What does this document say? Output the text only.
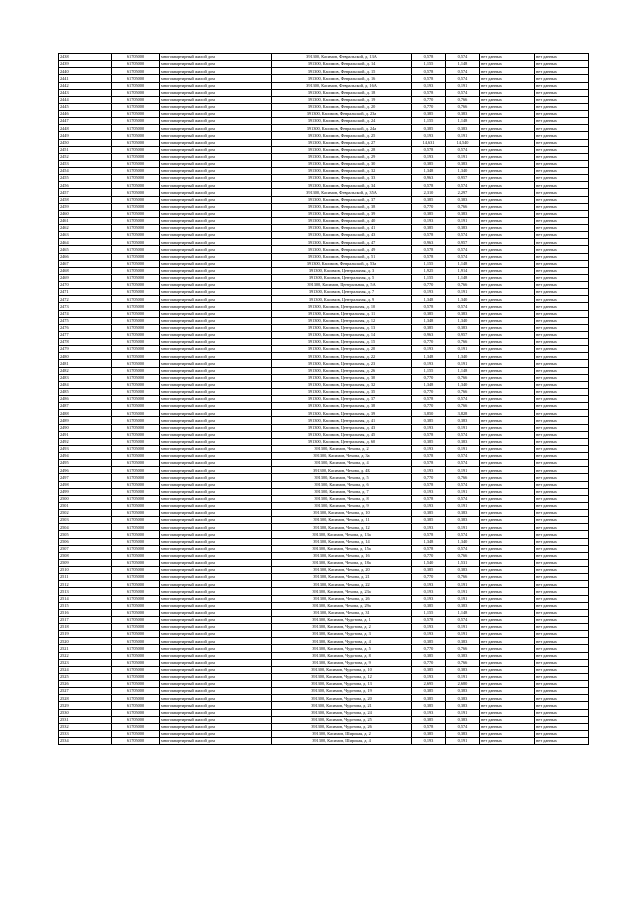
2438	61705000	многоквартирный жилой дом	391300, Касимов, Февральской, д. 13А	0,578	0,574	нет данных	нет данных
2439	61705000	многоквартирный жилой дом	391300, Касимов, Февральской, д. 14	1,155	1,148	нет данных	нет данных
2440	61705000	многоквартирный жилой дом	391300, Касимов, Февральской, д. 15	0,578	0,574	нет данных	нет данных
2441	61705000	многоквартирный жилой дом	391300, Касимов, Февральской, д. 16	0,578	0,574	нет данных	нет данных
2442	61705000	многоквартирный жилой дом	391300, Касимов, Февральской, д. 16А	0,193	0,191	нет данных	нет данных
2443	61705000	многоквартирный жилой дом	391300, Касимов, Февральской, д. 18	0,578	0,574	нет данных	нет данных
2444	61705000	многоквартирный жилой дом	391300, Касимов, Февральской, д. 19	0,770	0,766	нет данных	нет данных
2445	61705000	многоквартирный жилой дом	391300, Касимов, Февральской, д. 20	0,770	0,766	нет данных	нет данных
2446	61705000	многоквартирный жилой дом	391300, Касимов, Февральской, д. 23а	0,385	0,383	нет данных	нет данных
2447	61705000	многоквартирный жилой дом	391300, Касимов, Февральской, д. 24	1,155	1,148	нет данных	нет данных
2448	61705000	многоквартирный жилой дом	391300, Касимов, Февральской, д. 24а	0,385	0,383	нет данных	нет данных
2449	61705000	многоквартирный жилой дом	391300, Касимов, Февральской, д. 25	0,193	0,191	нет данных	нет данных
2450	61705000	многоквартирный жилой дом	391300, Касимов, Февральской, д. 27	14,631	14,540	нет данных	нет данных
2451	61705000	многоквартирный жилой дом	391300, Касимов, Февральской, д. 28	0,578	0,574	нет данных	нет данных
2452	61705000	многоквартирный жилой дом	391300, Касимов, Февральской, д. 29	0,193	0,191	нет данных	нет данных
2453	61705000	многоквартирный жилой дом	391300, Касимов, Февральской, д. 30	0,385	0,383	нет данных	нет данных
2454	61705000	многоквартирный жилой дом	391300, Касимов, Февральской, д. 32	1,348	1,340	нет данных	нет данных
2455	61705000	многоквартирный жилой дом	391300, Касимов, Февральской, д. 33	0,963	0,957	нет данных	нет данных
2456	61705000	многоквартирный жилой дом	391300, Касимов, Февральской, д. 34	0,578	0,574	нет данных	нет данных
2457	61705000	многоквартирный жилой дом	391300, Касимов, Февральской, д. 35А	2,310	2,297	нет данных	нет данных
2458	61705000	многоквартирный жилой дом	391300, Касимов, Февральской, д. 37	0,385	0,383	нет данных	нет данных
2459	61705000	многоквартирный жилой дом	391300, Касимов, Февральской, д. 38	0,770	0,766	нет данных	нет данных
2460	61705000	многоквартирный жилой дом	391300, Касимов, Февральской, д. 39	0,385	0,383	нет данных	нет данных
2461	61705000	многоквартирный жилой дом	391300, Касимов, Февральской, д. 40	0,193	0,191	нет данных	нет данных
2462	61705000	многоквартирный жилой дом	391300, Касимов, Февральской, д. 41	0,385	0,383	нет данных	нет данных
2463	61705000	многоквартирный жилой дом	391300, Касимов, Февральской, д. 43	0,578	0,574	нет данных	нет данных
2464	61705000	многоквартирный жилой дом	391300, Касимов, Февральской, д. 47	0,963	0,957	нет данных	нет данных
2465	61705000	многоквартирный жилой дом	391300, Касимов, Февральской, д. 49	0,578	0,574	нет данных	нет данных
2466	61705000	многоквартирный жилой дом	391300, Касимов, Февральской, д. 51	0,578	0,574	нет данных	нет данных
2467	61705000	многоквартирный жилой дом	391300, Касимов, Февральской, д. 53а	1,155	1,148	нет данных	нет данных
2468	61705000	многоквартирный жилой дом	391300, Касимов, Центральная, д. 3	1,925	1,914	нет данных	нет данных
2469	61705000	многоквартирный жилой дом	391300, Касимов, Центральная, д. 5	1,155	1,148	нет данных	нет данных
2470	61705000	многоквартирный жилой дом	391300, Касимов, Центральная, д. 5А	0,770	0,766	нет данных	нет данных
2471	61705000	многоквартирный жилой дом	391300, Касимов, Центральная, д. 7	0,193	0,191	нет данных	нет данных
2472	61705000	многоквартирный жилой дом	391300, Касимов, Центральная, д. 9	1,348	1,340	нет данных	нет данных
2473	61705000	многоквартирный жилой дом	391300, Касимов, Центральная, д. 10	0,578	0,574	нет данных	нет данных
2474	61705000	многоквартирный жилой дом	391300, Касимов, Центральная, д. 11	0,385	0,383	нет данных	нет данных
2475	61705000	многоквартирный жилой дом	391300, Касимов, Центральная, д. 12	1,348	1,340	нет данных	нет данных
2476	61705000	многоквартирный жилой дом	391300, Касимов, Центральная, д. 13	0,385	0,383	нет данных	нет данных
2477	61705000	многоквартирный жилой дом	391300, Касимов, Центральная, д. 14	0,963	0,957	нет данных	нет данных
2478	61705000	многоквартирный жилой дом	391300, Касимов, Центральная, д. 15	0,770	0,766	нет данных	нет данных
2479	61705000	многоквартирный жилой дом	391300, Касимов, Центральная, д. 20	0,193	0,191	нет данных	нет данных
2480	61705000	многоквартирный жилой дом	391300, Касимов, Центральная, д. 22	1,348	1,340	нет данных	нет данных
2481	61705000	многоквартирный жилой дом	391300, Касимов, Центральная, д. 23	0,193	0,191	нет данных	нет данных
2482	61705000	многоквартирный жилой дом	391300, Касимов, Центральная, д. 26	1,155	1,148	нет данных	нет данных
2483	61705000	многоквартирный жилой дом	391300, Касимов, Центральная, д. 30	0,770	0,766	нет данных	нет данных
2484	61705000	многоквартирный жилой дом	391300, Касимов, Центральная, д. 32	1,348	1,340	нет данных	нет данных
2485	61705000	многоквартирный жилой дом	391300, Касимов, Центральная, д. 35	0,770	0,766	нет данных	нет данных
2486	61705000	многоквартирный жилой дом	391300, Касимов, Центральная, д. 37	0,578	0,574	нет данных	нет данных
2487	61705000	многоквартирный жилой дом	391300, Касимов, Центральная, д. 38	0,770	0,766	нет данных	нет данных
2488	61705000	многоквартирный жилой дом	391300, Касимов, Центральная, д. 39	3,850	3,828	нет данных	нет данных
2489	61705000	многоквартирный жилой дом	391300, Касимов, Центральная, д. 41	0,385	0,383	нет данных	нет данных
2490	61705000	многоквартирный жилой дом	391300, Касимов, Центральная, д. 43	0,193	0,191	нет данных	нет данных
2491	61705000	многоквартирный жилой дом	391300, Касимов, Центральная, д. 45	0,578	0,574	нет данных	нет данных
2492	61705000	многоквартирный жилой дом	391300, Касимов, Центральная, д. 60	0,385	0,383	нет данных	нет данных
2493	61705000	многоквартирный жилой дом	391300, Касимов, Чехова, д. 2	0,193	0,191	нет данных	нет данных
2494	61705000	многоквартирный жилой дом	391300, Касимов, Чехова, д. 3а	0,578	0,574	нет данных	нет данных
2495	61705000	многоквартирный жилой дом	391300, Касимов, Чехова, д. 4	0,578	0,574	нет данных	нет данных
2496	61705000	многоквартирный жилой дом	391300, Касимов, Чехова, д. 4Б	0,193	0,191	нет данных	нет данных
2497	61705000	многоквартирный жилой дом	391300, Касимов, Чехова, д. 5	0,770	0,766	нет данных	нет данных
2498	61705000	многоквартирный жилой дом	391300, Касимов, Чехова, д. 6	0,578	0,574	нет данных	нет данных
2499	61705000	многоквартирный жилой дом	391300, Касимов, Чехова, д. 7	0,193	0,191	нет данных	нет данных
2500	61705000	многоквартирный жилой дом	391300, Касимов, Чехова, д. 8	0,578	0,574	нет данных	нет данных
2501	61705000	многоквартирный жилой дом	391300, Касимов, Чехова, д. 9	0,193	0,191	нет данных	нет данных
2502	61705000	многоквартирный жилой дом	391300, Касимов, Чехова, д. 10	0,385	0,383	нет данных	нет данных
2503	61705000	многоквартирный жилой дом	391300, Касимов, Чехова, д. 11	0,385	0,383	нет данных	нет данных
2504	61705000	многоквартирный жилой дом	391300, Касимов, Чехова, д. 12	0,193	0,191	нет данных	нет данных
2505	61705000	многоквартирный жилой дом	391300, Касимов, Чехова, д. 13а	0,578	0,574	нет данных	нет данных
2506	61705000	многоквартирный жилой дом	391300, Касимов, Чехова, д. 14	1,348	1,340	нет данных	нет данных
2507	61705000	многоквартирный жилой дом	391300, Касимов, Чехова, д. 15а	0,578	0,574	нет данных	нет данных
2508	61705000	многоквартирный жилой дом	391300, Касимов, Чехова, д. 16	0,770	0,766	нет данных	нет данных
2509	61705000	многоквартирный жилой дом	391300, Касимов, Чехова, д. 18а	1,540	1,531	нет данных	нет данных
2510	61705000	многоквартирный жилой дом	391300, Касимов, Чехова, д. 20	0,385	0,383	нет данных	нет данных
2511	61705000	многоквартирный жилой дом	391300, Касимов, Чехова, д. 21	0,770	0,766	нет данных	нет данных
2512	61705000	многоквартирный жилой дом	391300, Касимов, Чехова, д. 22	0,193	0,191	нет данных	нет данных
2513	61705000	многоквартирный жилой дом	391300, Касимов, Чехова, д. 23а	0,193	0,191	нет данных	нет данных
2514	61705000	многоквартирный жилой дом	391300, Касимов, Чехова, д. 26	0,193	0,191	нет данных	нет данных
2515	61705000	многоквартирный жилой дом	391300, Касимов, Чехова, д. 29а	0,385	0,383	нет данных	нет данных
2516	61705000	многоквартирный жилой дом	391300, Касимов, Чехова, д. 31	1,155	1,148	нет данных	нет данных
2517	61705000	многоквартирный жилой дом	391300, Касимов, Чудотова, д. 1	0,578	0,574	нет данных	нет данных
2518	61705000	многоквартирный жилой дом	391300, Касимов, Чудотова, д. 2	0,193	0,191	нет данных	нет данных
2519	61705000	многоквартирный жилой дом	391300, Касимов, Чудотова, д. 3	0,193	0,191	нет данных	нет данных
2520	61705000	многоквартирный жилой дом	391300, Касимов, Чудотова, д. 4	0,385	0,383	нет данных	нет данных
2521	61705000	многоквартирный жилой дом	391300, Касимов, Чудотова, д. 5	0,770	0,766	нет данных	нет данных
2522	61705000	многоквартирный жилой дом	391300, Касимов, Чудотова, д. 8	0,385	0,383	нет данных	нет данных
2523	61705000	многоквартирный жилой дом	391300, Касимов, Чудотова, д. 9	0,770	0,766	нет данных	нет данных
2524	61705000	многоквартирный жилой дом	391300, Касимов, Чудотова, д. 10	0,385	0,383	нет данных	нет данных
2525	61705000	многоквартирный жилой дом	391300, Касимов, Чудотова, д. 12	0,193	0,191	нет данных	нет данных
2526	61705000	многоквартирный жилой дом	391300, Касимов, Чудотова, д. 13	2,695	2,680	нет данных	нет данных
2527	61705000	многоквартирный жилой дом	391300, Касимов, Чудотова, д. 19	0,385	0,383	нет данных	нет данных
2528	61705000	многоквартирный жилой дом	391300, Касимов, Чудотова, д. 20	0,385	0,383	нет данных	нет данных
2529	61705000	многоквартирный жилой дом	391300, Касимов, Чудотова, д. 21	0,385	0,383	нет данных	нет данных
2530	61705000	многоквартирный жилой дом	391300, Касимов, Чудотова, д. 24	0,193	0,191	нет данных	нет данных
2531	61705000	многоквартирный жилой дом	391300, Касимов, Чудотова, д. 25	0,385	0,383	нет данных	нет данных
2532	61705000	многоквартирный жилой дом	391300, Касимов, Чудотова, д. 26	0,578	0,574	нет данных	нет данных
2533	61705000	многоквартирный жилой дом	391300, Касимов, Широкая, д. 2	0,385	0,383	нет данных	нет данных
2534	61705000	многоквартирный жилой дом	391300, Касимов, Широкая, д. 4	0,193	0,191	нет данных	нет данных
